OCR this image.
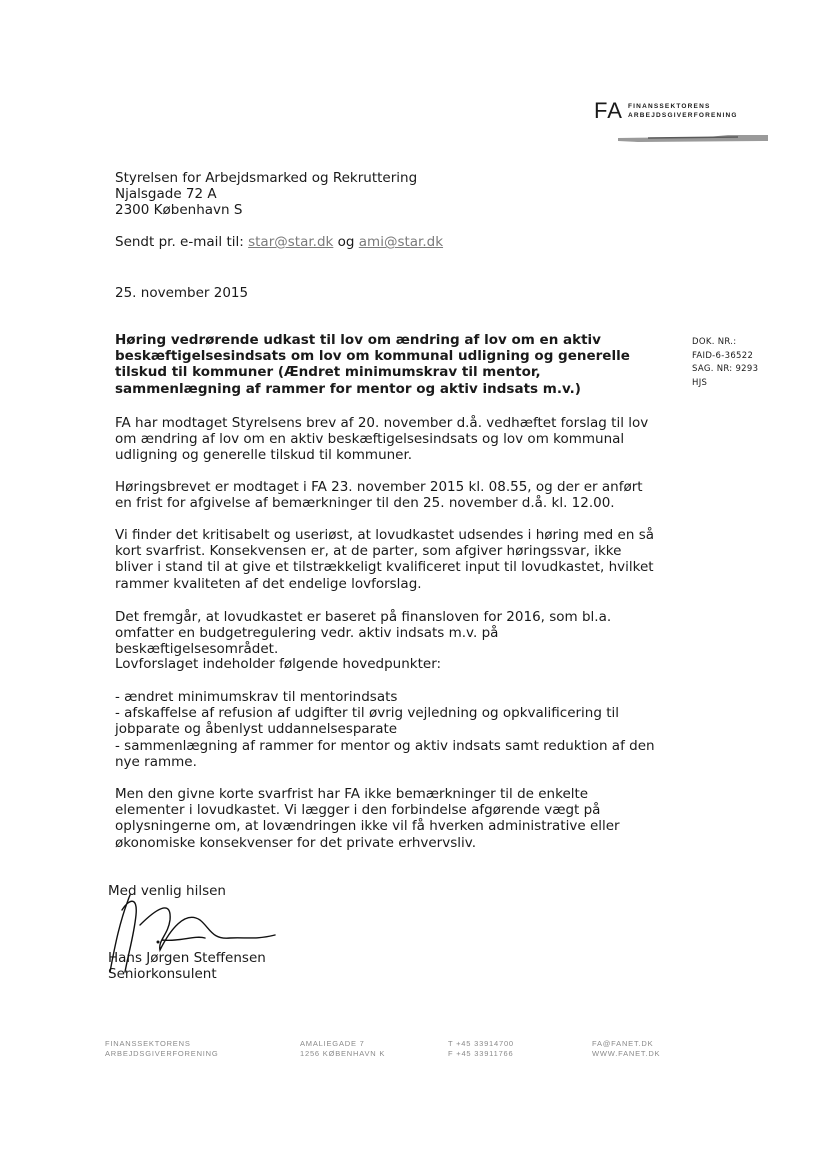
FA FINANSSEKTORENS
ARBEJDSGIVERFORENING
Styrelsen for Arbejdsmarked og Rekruttering
Njalsgade 72 A
2300 København S
Sendt pr. e-mail til: star@star.dk og ami@star.dk
25. november 2015
Høring vedrørende udkast til lov om ændring af lov om en aktiv beskæftigelsesindsats om lov om kommunal udligning og generelle tilskud til kommuner (Ændret minimumskrav til mentor, sammenlægning af rammer for mentor og aktiv indsats m.v.)
DOK. NR.:
FAID-6-36522
SAG. NR: 9293
HJS

FA har modtaget Styrelsens brev af 20. november d.å. vedhæftet forslag til lov om ændring af lov om en aktiv beskæftigelsesindsats og lov om kommunal udligning og generelle tilskud til kommuner.

Høringsbrevet er modtaget i FA 23. november 2015 kl. 08.55, og der er anført en frist for afgivelse af bemærkninger til den 25. november d.å. kl. 12.00.

Vi finder det kritisabelt og useriøst, at lovudkastet udsendes i høring med en så kort svarfrist. Konsekvensen er, at de parter, som afgiver høringssvar, ikke bliver i stand til at give et tilstrækkeligt kvalificeret input til lovudkastet, hvilket rammer kvaliteten af det endelige lovforslag.

Det fremgår, at lovudkastet er baseret på finansloven for 2016, som bl.a. omfatter en budgetregulering vedr. aktiv indsats m.v. på beskæftigelsesområdet.

Lovforslaget indeholder følgende hovedpunkter:

- ændret minimumskrav til mentorindsats
- afskaffelse af refusion af udgifter til øvrig vejledning og opkvalificering til jobparate og åbenlyst uddannelsesparate
- sammenlægning af rammer for mentor og aktiv indsats samt reduktion af den nye ramme.

Men den givne korte svarfrist har FA ikke bemærkninger til de enkelte elementer i lovudkastet. Vi lægger i den forbindelse afgørende vægt på oplysningerne om, at lovændringen ikke vil få hverken administrative eller økonomiske konsekvenser for det private erhvervsliv.

Med venlig hilsen
Hans Jørgen Steffensen
Seniorkonsulent
FINANSSEKTORENS
ARBEJDSGIVERFORENING
AMALIEGADE 7
1256 KØBENHAVN K
T +45 33914700
F +45 33911766
FA@FANET.DK
WWW.FANET.DK
